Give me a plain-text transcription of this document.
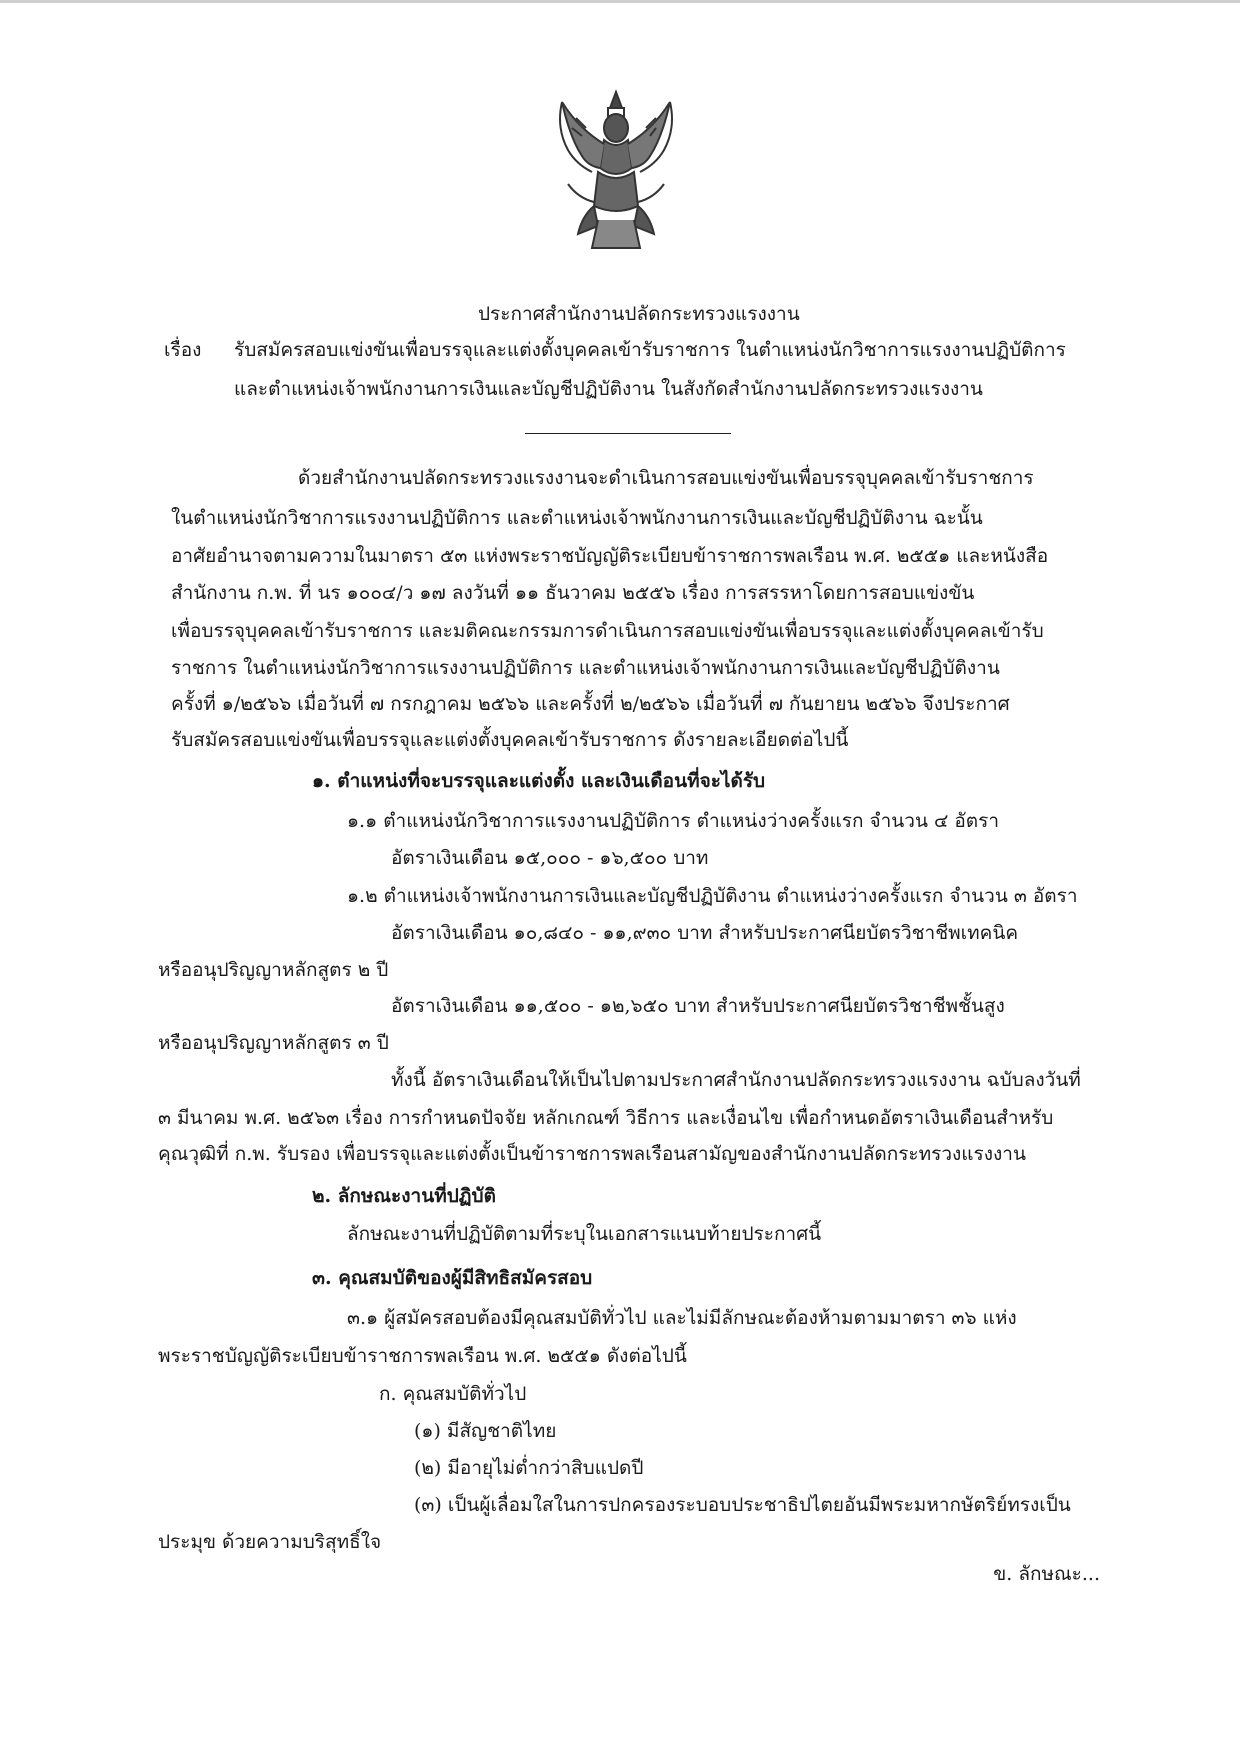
ประกาศสำนักงานปลัดกระทรวงแรงงาน
เรื่อง รับสมัครสอบแข่งขันเพื่อบรรจุและแต่งตั้งบุคคลเข้ารับราชการ ในตำแหน่งนักวิชาการแรงงานปฏิบัติการ
และตำแหน่งเจ้าพนักงานการเงินและบัญชีปฏิบัติงาน ในสังกัดสำนักงานปลัดกระทรวงแรงงาน
ด้วยสำนักงานปลัดกระทรวงแรงงานจะดำเนินการสอบแข่งขันเพื่อบรรจุบุคคลเข้ารับราชการ
ในตำแหน่งนักวิชาการแรงงานปฏิบัติการ และตำแหน่งเจ้าพนักงานการเงินและบัญชีปฏิบัติงาน ฉะนั้น
อาศัยอำนาจตามความในมาตรา ๕๓ แห่งพระราชบัญญัติระเบียบข้าราชการพลเรือน พ.ศ. ๒๕๕๑ และหนังสือ
สำนักงาน ก.พ. ที่ นร ๑๐๐๔/ว ๑๗ ลงวันที่ ๑๑ ธันวาคม ๒๕๕๖ เรื่อง การสรรหาโดยการสอบแข่งขัน
เพื่อบรรจุบุคคลเข้ารับราชการ และมติคณะกรรมการดำเนินการสอบแข่งขันเพื่อบรรจุและแต่งตั้งบุคคลเข้ารับ
ราชการ ในตำแหน่งนักวิชาการแรงงานปฏิบัติการ และตำแหน่งเจ้าพนักงานการเงินและบัญชีปฏิบัติงาน
ครั้งที่ ๑/๒๕๖๖ เมื่อวันที่ ๗ กรกฎาคม ๒๕๖๖ และครั้งที่ ๒/๒๕๖๖ เมื่อวันที่ ๗ กันยายน ๒๕๖๖ จึงประกาศ
รับสมัครสอบแข่งขันเพื่อบรรจุและแต่งตั้งบุคคลเข้ารับราชการ ดังรายละเอียดต่อไปนี้
๑. ตำแหน่งที่จะบรรจุและแต่งตั้ง และเงินเดือนที่จะได้รับ
๑.๑ ตำแหน่งนักวิชาการแรงงานปฏิบัติการ ตำแหน่งว่างครั้งแรก จำนวน ๔ อัตรา
อัตราเงินเดือน ๑๕,๐๐๐ - ๑๖,๕๐๐ บาท
๑.๒ ตำแหน่งเจ้าพนักงานการเงินและบัญชีปฏิบัติงาน ตำแหน่งว่างครั้งแรก จำนวน ๓ อัตรา
อัตราเงินเดือน ๑๐,๘๔๐ - ๑๑,๙๓๐ บาท สำหรับประกาศนียบัตรวิชาชีพเทคนิค
หรืออนุปริญญาหลักสูตร ๒ ปี
อัตราเงินเดือน ๑๑,๕๐๐ - ๑๒,๖๕๐ บาท สำหรับประกาศนียบัตรวิชาชีพชั้นสูง
หรืออนุปริญญาหลักสูตร ๓ ปี
ทั้งนี้ อัตราเงินเดือนให้เป็นไปตามประกาศสำนักงานปลัดกระทรวงแรงงาน ฉบับลงวันที่
๓ มีนาคม พ.ศ. ๒๕๖๓ เรื่อง การกำหนดปัจจัย หลักเกณฑ์ วิธีการ และเงื่อนไข เพื่อกำหนดอัตราเงินเดือนสำหรับ
คุณวุฒิที่ ก.พ. รับรอง เพื่อบรรจุและแต่งตั้งเป็นข้าราชการพลเรือนสามัญของสำนักงานปลัดกระทรวงแรงงาน
๒. ลักษณะงานที่ปฏิบัติ
ลักษณะงานที่ปฏิบัติตามที่ระบุในเอกสารแนบท้ายประกาศนี้
๓. คุณสมบัติของผู้มีสิทธิสมัครสอบ
๓.๑ ผู้สมัครสอบต้องมีคุณสมบัติทั่วไป และไม่มีลักษณะต้องห้ามตามมาตรา ๓๖ แห่ง
พระราชบัญญัติระเบียบข้าราชการพลเรือน พ.ศ. ๒๕๕๑ ดังต่อไปนี้
ก. คุณสมบัติทั่วไป
(๑) มีสัญชาติไทย
(๒) มีอายุไม่ต่ำกว่าสิบแปดปี
(๓) เป็นผู้เลื่อมใสในการปกครองระบอบประชาธิปไตยอันมีพระมหากษัตริย์ทรงเป็น
ประมุข ด้วยความบริสุทธิ์ใจ
ข. ลักษณะ...
